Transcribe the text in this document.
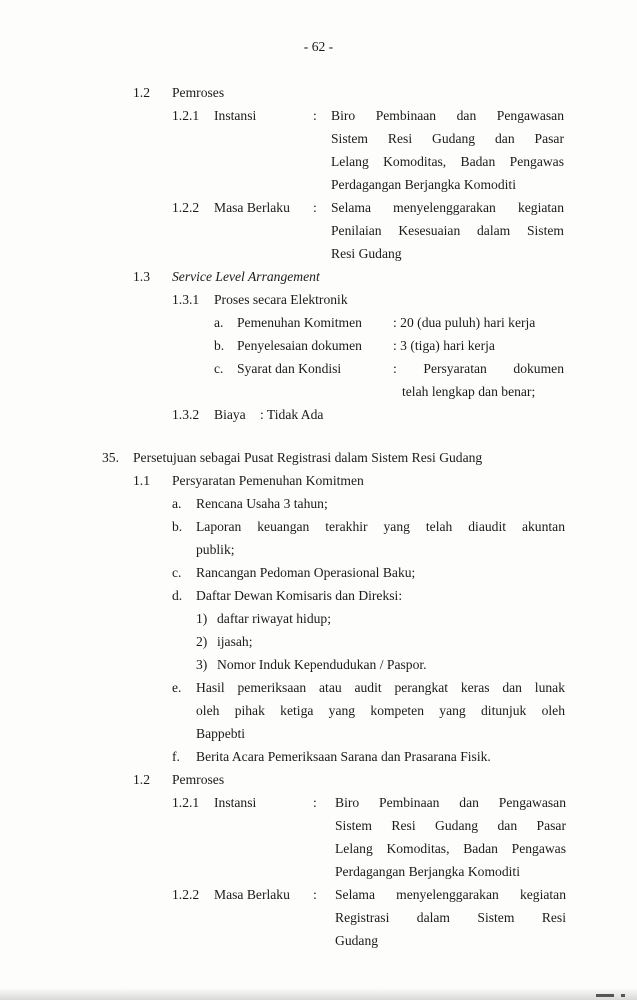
- 62 -
1.2 Pemroses
1.2.1 Instansi	: Biro Pembinaan dan Pengawasan
Sistem Resi Gudang dan Pasar
Lelang Komoditas, Badan Pengawas
Perdagangan Berjangka Komoditi
1.2.2 Masa Berlaku : Selama menyelenggarakan kegiatan
Penilaian Kesesuaian dalam Sistem
Resi Gudang
1.3 Service Level Arrangement
1.3.1 Proses secara Elektronik
a. Pemenuhan Komitmen : 20 (dua puluh) hari kerja
b. Penyelesaian dokumen : 3 (tiga) hari kerja
c. Syarat dan Kondisi	: Persyaratan dokumen
telah lengkap dan benar;
1.3.2 Biaya : Tidak Ada
35. Persetujuan sebagai Pusat Registrasi dalam Sistem Resi Gudang
1.1 Persyaratan Pemenuhan Komitmen
a. Rencana Usaha 3 tahun;
b. Laporan keuangan terakhir yang telah diaudit akuntan
publik;
c. Rancangan Pedoman Operasional Baku;
d. Daftar Dewan Komisaris dan Direksi:
1) daftar riwayat hidup;
2) ijasah;
3) Nomor Induk Kependudukan / Paspor.
e. Hasil pemeriksaan atau audit perangkat keras dan lunak
oleh pihak ketiga yang kompeten yang ditunjuk oleh
Bappebti
f. Berita Acara Pemeriksaan Sarana dan Prasarana Fisik.
1.2 Pemroses
1.2.1 Instansi	: Biro Pembinaan dan Pengawasan
Sistem Resi Gudang dan Pasar
Lelang Komoditas, Badan Pengawas
Perdagangan Berjangka Komoditi
1.2.2 Masa Berlaku : Selama menyelenggarakan kegiatan
Registrasi dalam Sistem Resi
Gudang
